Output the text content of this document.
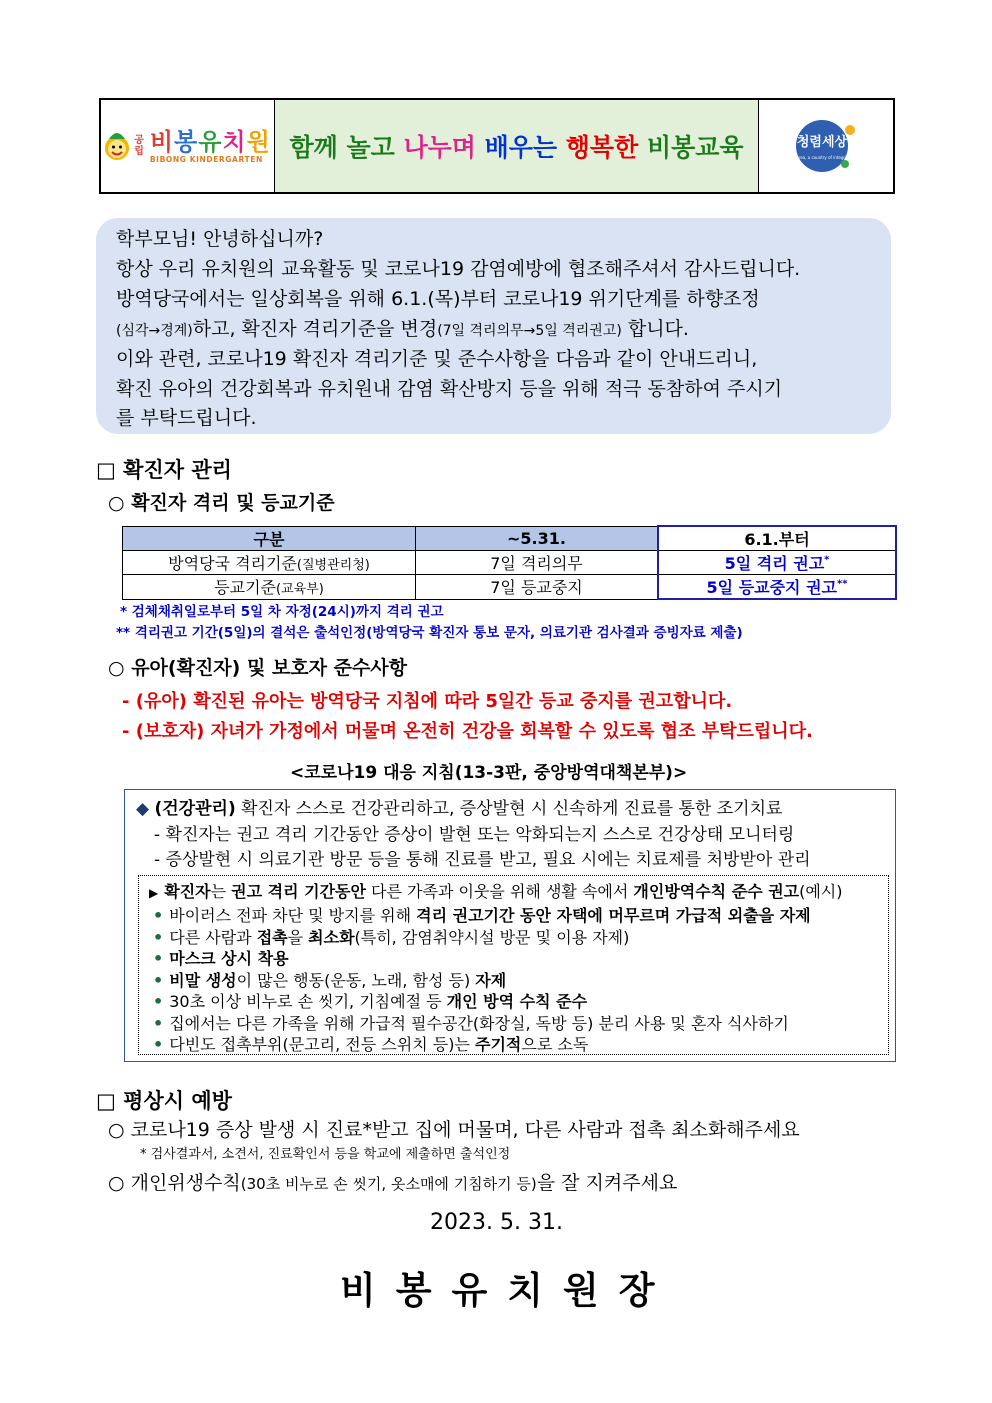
공
립 비봉유치원
BIBONG KINDERGARTEN	함께 놀고 나누며 배우는 행복한 비봉교육	청렴세상
Korea, a country of integrity
학부모님! 안녕하십니까?
항상 우리 유치원의 교육활동 및 코로나19 감염예방에 협조해주셔서 감사드립니다.
방역당국에서는 일상회복을 위해 6.1.(목)부터 코로나19 위기단계를 하향조정
(심각→경계)하고, 확진자 격리기준을 변경(7일 격리의무→5일 격리권고) 합니다.
이와 관련, 코로나19 확진자 격리기준 및 준수사항을 다음과 같이 안내드리니,
확진 유아의 건강회복과 유치원내 감염 확산방지 등을 위해 적극 동참하여 주시기
를 부탁드립니다.
□ 확진자 관리
○ 확진자 격리 및 등교기준
구분	~5.31.	6.1.부터
방역당국 격리기준(질병관리청)	7일 격리의무	5일 격리 권고*
등교기준(교육부)	7일 등교중지	5일 등교중지 권고**
* 검체채취일로부터 5일 차 자정(24시)까지 격리 권고
** 격리권고 기간(5일)의 결석은 출석인정(방역당국 확진자 통보 문자, 의료기관 검사결과 증빙자료 제출)
○ 유아(확진자) 및 보호자 준수사항
- (유아) 확진된 유아는 방역당국 지침에 따라 5일간 등교 중지를 권고합니다.
- (보호자) 자녀가 가정에서 머물며 온전히 건강을 회복할 수 있도록 협조 부탁드립니다.
<코로나19 대응 지침(13-3판, 중앙방역대책본부)>
◆ (건강관리) 확진자 스스로 건강관리하고, 증상발현 시 신속하게 진료를 통한 조기치료
- 확진자는 권고 격리 기간동안 증상이 발현 또는 악화되는지 스스로 건강상태 모니터링
- 증상발현 시 의료기관 방문 등을 통해 진료를 받고, 필요 시에는 치료제를 처방받아 관리
▶ 확진자는 권고 격리 기간동안 다른 가족과 이웃을 위해 생활 속에서 개인방역수칙 준수 권고(예시)
• 바이러스 전파 차단 및 방지를 위해 격리 권고기간 동안 자택에 머무르며 가급적 외출을 자제
• 다른 사람과 접촉을 최소화(특히, 감염취약시설 방문 및 이용 자제)
• 마스크 상시 착용
• 비말 생성이 많은 행동(운동, 노래, 함성 등) 자제
• 30초 이상 비누로 손 씻기, 기침예절 등 개인 방역 수칙 준수
• 집에서는 다른 가족을 위해 가급적 필수공간(화장실, 독방 등) 분리 사용 및 혼자 식사하기
• 다빈도 접촉부위(문고리, 전등 스위치 등)는 주기적으로 소독
□ 평상시 예방
○ 코로나19 증상 발생 시 진료*받고 집에 머물며, 다른 사람과 접촉 최소화해주세요
* 검사결과서, 소견서, 진료확인서 등을 학교에 제출하면 출석인정
○ 개인위생수칙(30초 비누로 손 씻기, 옷소매에 기침하기 등)을 잘 지켜주세요
2023. 5. 31.
비봉유치원장
